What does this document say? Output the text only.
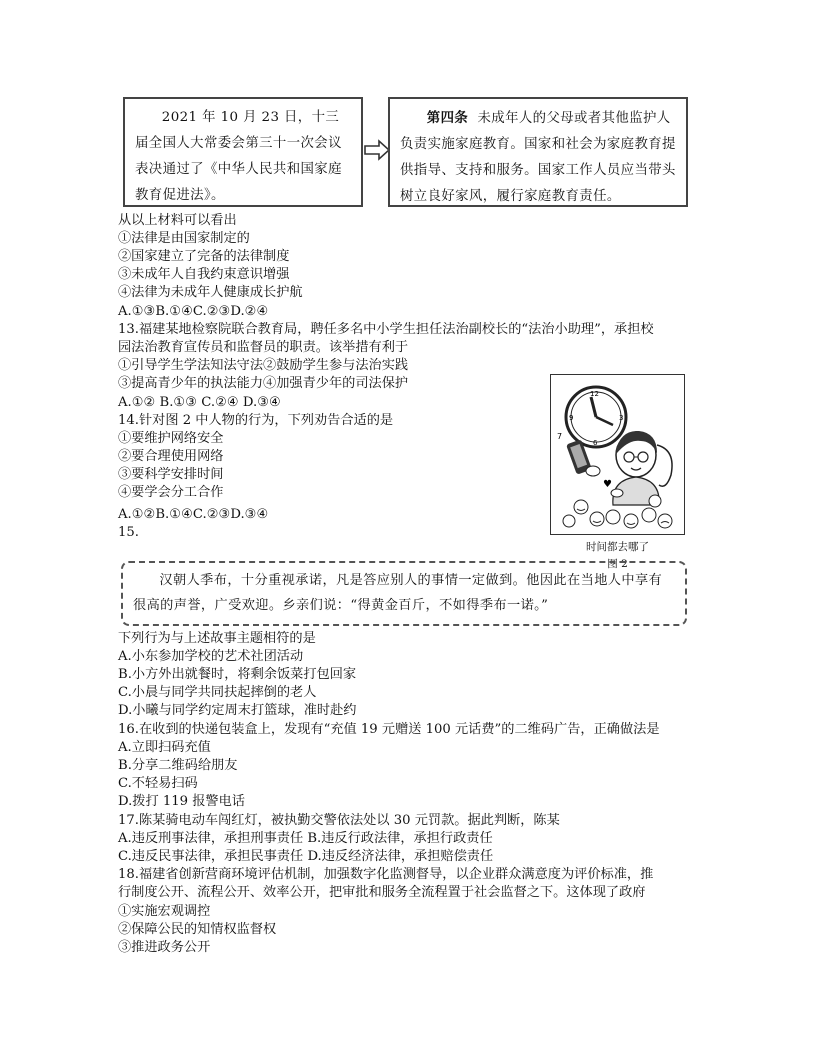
2021 年 10 月 23 日，十三届全国人大常委会第三十一次会议表决通过了《中华人民共和国家庭教育促进法》。
第四条 未成年人的父母或者其他监护人负责实施家庭教育。国家和社会为家庭教育提供指导、支持和服务。国家工作人员应当带头树立良好家风，履行家庭教育责任。
从以上材料可以看出
①法律是由国家制定的
②国家建立了完备的法律制度
③未成年人自我约束意识增强
④法律为未成年人健康成长护航
A.①③B.①④C.②③D.②④
13.福建某地检察院联合教育局，聘任多名中小学生担任法治副校长的“法治小助理”，承担校
园法治教育宣传员和监督员的职责。该举措有利于
①引导学生学法知法守法②鼓励学生参与法治实践
③提高青少年的执法能力④加强青少年的司法保护
A.①② B.①③ C.②④ D.③④
14.针对图 2 中人物的行为，下列劝告合适的是
①要维护网络安全
②要合理使用网络
③要科学安排时间
④要学会分工合作
A.①②B.①④C.②③D.③④
12
3
6
9
♥
7
时间都去哪了
图 2
15.
汉朝人季布，十分重视承诺，凡是答应别人的事情一定做到。他因此在当地人中享有很高的声誉，广受欢迎。乡亲们说：“得黄金百斤，不如得季布一诺。”
下列行为与上述故事主题相符的是
A.小东参加学校的艺术社团活动
B.小方外出就餐时，将剩余饭菜打包回家
C.小晨与同学共同扶起摔倒的老人
D.小曦与同学约定周末打篮球，准时赴约
16.在收到的快递包装盒上，发现有“充值 19 元赠送 100 元话费”的二维码广告，正确做法是
A.立即扫码充值
B.分享二维码给朋友
C.不轻易扫码
D.拨打 119 报警电话
17.陈某骑电动车闯红灯，被执勤交警依法处以 30 元罚款。据此判断，陈某
A.违反刑事法律，承担刑事责任 B.违反行政法律，承担行政责任
C.违反民事法律，承担民事责任 D.违反经济法律，承担赔偿责任
18.福建省创新营商环境评估机制，加强数字化监测督导，以企业群众满意度为评价标准，推
行制度公开、流程公开、效率公开，把审批和服务全流程置于社会监督之下。这体现了政府
①实施宏观调控
②保障公民的知情权监督权
③推进政务公开
